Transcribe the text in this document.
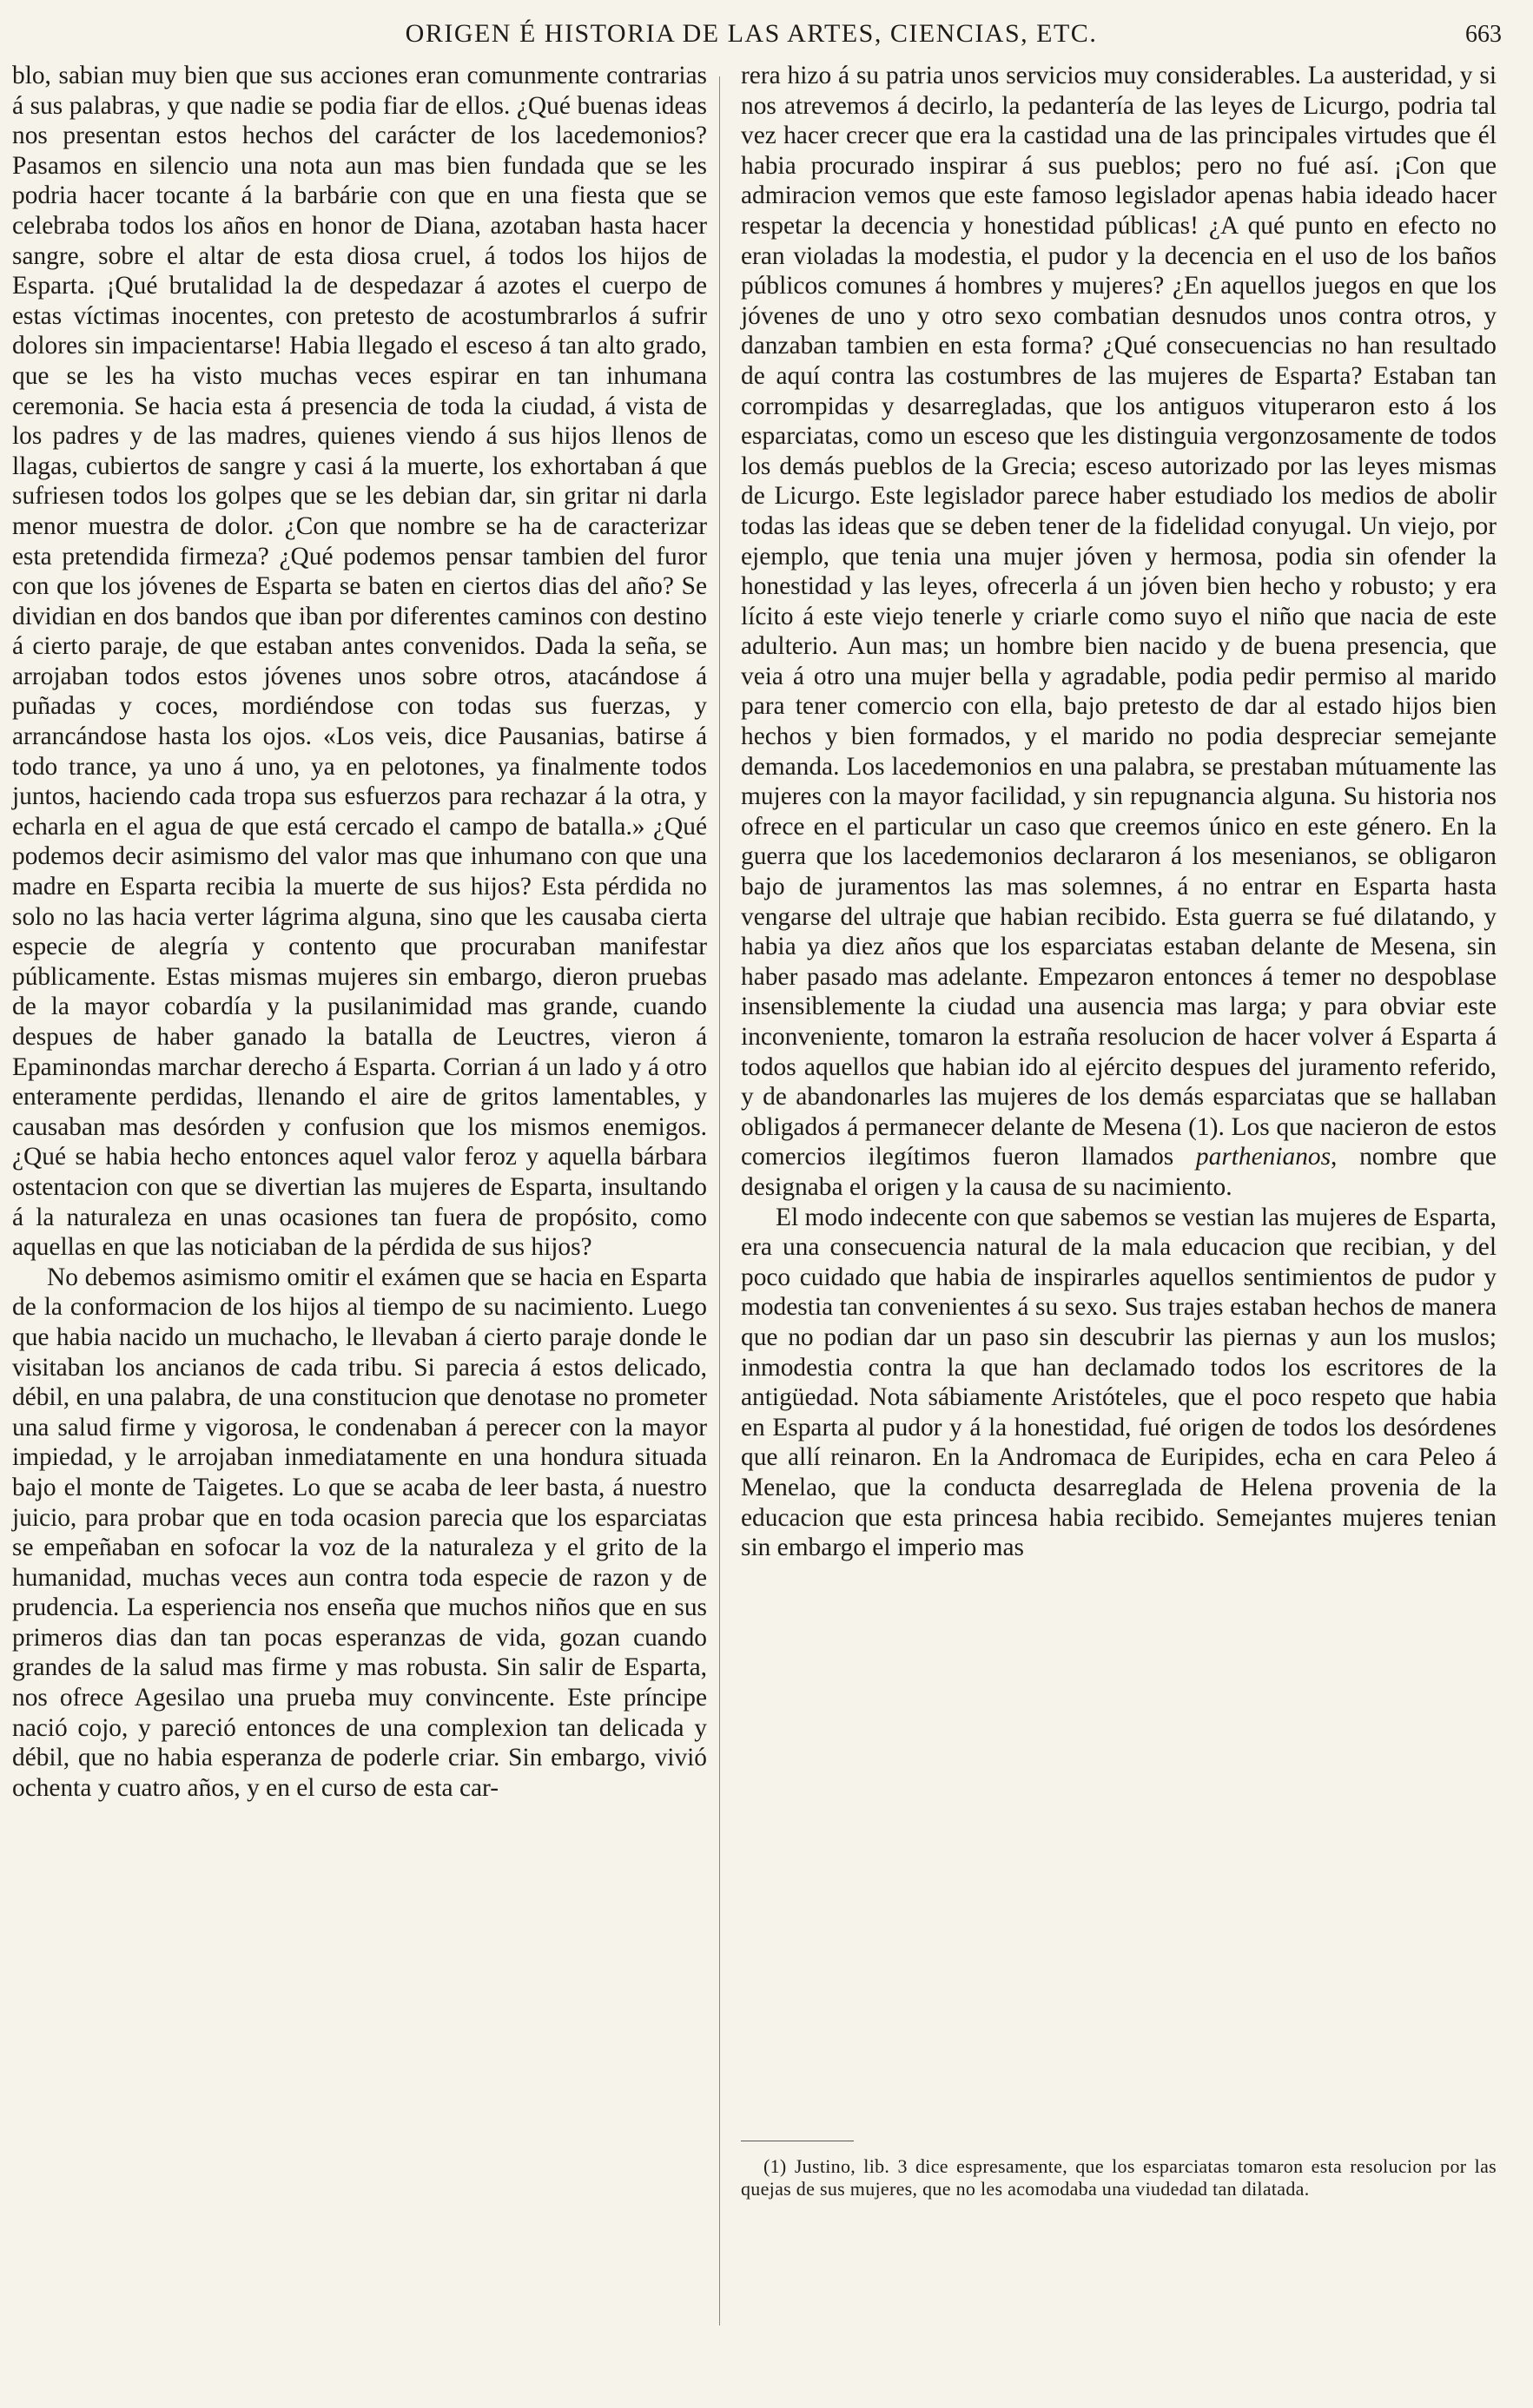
ORIGEN É HISTORIA DE LAS ARTES, CIENCIAS, ETC.	663

blo, sabian muy bien que sus acciones eran comunmente contrarias á sus palabras, y que nadie se podia fiar de ellos. ¿Qué buenas ideas nos presentan estos hechos del carácter de los lacedemonios? Pasamos en silencio una nota aun mas bien fundada que se les podria hacer tocante á la barbárie con que en una fiesta que se celebraba todos los años en honor de Diana, azotaban hasta hacer sangre, sobre el altar de esta diosa cruel, á todos los hijos de Esparta. ¡Qué brutalidad la de despedazar á azotes el cuerpo de estas víctimas inocentes, con pretesto de acostumbrarlos á sufrir dolores sin impacientarse! Habia llegado el esceso á tan alto grado, que se les ha visto muchas veces espirar en tan inhumana ceremonia. Se hacia esta á presencia de toda la ciudad, á vista de los padres y de las madres, quienes viendo á sus hijos llenos de llagas, cubiertos de sangre y casi á la muerte, los exhortaban á que sufriesen todos los golpes que se les debian dar, sin gritar ni darla menor muestra de dolor. ¿Con que nombre se ha de caracterizar esta pretendida firmeza? ¿Qué podemos pensar tambien del furor con que los jóvenes de Esparta se baten en ciertos dias del año? Se dividian en dos bandos que iban por diferentes caminos con destino á cierto paraje, de que estaban antes convenidos. Dada la seña, se arrojaban todos estos jóvenes unos sobre otros, atacándose á puñadas y coces, mordiéndose con todas sus fuerzas, y arrancándose hasta los ojos. «Los veis, dice Pausanias, batirse á todo trance, ya uno á uno, ya en pelotones, ya finalmente todos juntos, haciendo cada tropa sus esfuerzos para rechazar á la otra, y echarla en el agua de que está cercado el campo de batalla.» ¿Qué podemos decir asimismo del valor mas que inhumano con que una madre en Esparta recibia la muerte de sus hijos? Esta pérdida no solo no las hacia verter lágrima alguna, sino que les causaba cierta especie de alegría y contento que procuraban manifestar públicamente. Estas mismas mujeres sin embargo, dieron pruebas de la mayor cobardía y la pusilanimidad mas grande, cuando despues de haber ganado la batalla de Leuctres, vieron á Epaminondas marchar derecho á Esparta. Corrian á un lado y á otro enteramente perdidas, llenando el aire de gritos lamentables, y causaban mas desórden y confusion que los mismos enemigos. ¿Qué se habia hecho entonces aquel valor feroz y aquella bárbara ostentacion con que se divertian las mujeres de Esparta, insultando á la naturaleza en unas ocasiones tan fuera de propósito, como aquellas en que las noticiaban de la pérdida de sus hijos?

No debemos asimismo omitir el exámen que se hacia en Esparta de la conformacion de los hijos al tiempo de su nacimiento. Luego que habia nacido un muchacho, le llevaban á cierto paraje donde le visitaban los ancianos de cada tribu. Si parecia á estos delicado, débil, en una palabra, de una constitucion que denotase no prometer una salud firme y vigorosa, le condenaban á perecer con la mayor impiedad, y le arrojaban inmediatamente en una hondura situada bajo el monte de Taigetes. Lo que se acaba de leer basta, á nuestro juicio, para probar que en toda ocasion parecia que los esparciatas se empeñaban en sofocar la voz de la naturaleza y el grito de la humanidad, muchas veces aun contra toda especie de razon y de prudencia. La esperiencia nos enseña que muchos niños que en sus primeros dias dan tan pocas esperanzas de vida, gozan cuando grandes de la salud mas firme y mas robusta. Sin salir de Esparta, nos ofrece Agesilao una prueba muy convincente. Este príncipe nació cojo, y pareció entonces de una complexion tan delicada y débil, que no habia esperanza de poderle criar. Sin embargo, vivió ochenta y cuatro años, y en el curso de esta car-

rera hizo á su patria unos servicios muy considerables. La austeridad, y si nos atrevemos á decirlo, la pedantería de las leyes de Licurgo, podria tal vez hacer crecer que era la castidad una de las principales virtudes que él habia procurado inspirar á sus pueblos; pero no fué así. ¡Con que admiracion vemos que este famoso legislador apenas habia ideado hacer respetar la decencia y honestidad públicas! ¿A qué punto en efecto no eran violadas la modestia, el pudor y la decencia en el uso de los baños públicos comunes á hombres y mujeres? ¿En aquellos juegos en que los jóvenes de uno y otro sexo combatian desnudos unos contra otros, y danzaban tambien en esta forma? ¿Qué consecuencias no han resultado de aquí contra las costumbres de las mujeres de Esparta? Estaban tan corrompidas y desarregladas, que los antiguos vituperaron esto á los esparciatas, como un esceso que les distinguia vergonzosamente de todos los demás pueblos de la Grecia; esceso autorizado por las leyes mismas de Licurgo. Este legislador parece haber estudiado los medios de abolir todas las ideas que se deben tener de la fidelidad conyugal. Un viejo, por ejemplo, que tenia una mujer jóven y hermosa, podia sin ofender la honestidad y las leyes, ofrecerla á un jóven bien hecho y robusto; y era lícito á este viejo tenerle y criarle como suyo el niño que nacia de este adulterio. Aun mas; un hombre bien nacido y de buena presencia, que veia á otro una mujer bella y agradable, podia pedir permiso al marido para tener comercio con ella, bajo pretesto de dar al estado hijos bien hechos y bien formados, y el marido no podia despreciar semejante demanda. Los lacedemonios en una palabra, se prestaban mútuamente las mujeres con la mayor facilidad, y sin repugnancia alguna. Su historia nos ofrece en el particular un caso que creemos único en este género. En la guerra que los lacedemonios declararon á los mesenianos, se obligaron bajo de juramentos las mas solemnes, á no entrar en Esparta hasta vengarse del ultraje que habian recibido. Esta guerra se fué dilatando, y habia ya diez años que los esparciatas estaban delante de Mesena, sin haber pasado mas adelante. Empezaron entonces á temer no despoblase insensiblemente la ciudad una ausencia mas larga; y para obviar este inconveniente, tomaron la estraña resolucion de hacer volver á Esparta á todos aquellos que habian ido al ejército despues del juramento referido, y de abandonarles las mujeres de los demás esparciatas que se hallaban obligados á permanecer delante de Mesena (1). Los que nacieron de estos comercios ilegítimos fueron llamados parthenianos, nombre que designaba el origen y la causa de su nacimiento.

El modo indecente con que sabemos se vestian las mujeres de Esparta, era una consecuencia natural de la mala educacion que recibian, y del poco cuidado que habia de inspirarles aquellos sentimientos de pudor y modestia tan convenientes á su sexo. Sus trajes estaban hechos de manera que no podian dar un paso sin descubrir las piernas y aun los muslos; inmodestia contra la que han declamado todos los escritores de la antigüedad. Nota sábiamente Aristóteles, que el poco respeto que habia en Esparta al pudor y á la honestidad, fué origen de todos los desórdenes que allí reinaron. En la Andromaca de Euripides, echa en cara Peleo á Menelao, que la conducta desarreglada de Helena provenia de la educacion que esta princesa habia recibido. Semejantes mujeres tenian sin embargo el imperio mas

(1) Justino, lib. 3 dice espresamente, que los esparciatas tomaron esta resolucion por las quejas de sus mujeres, que no les acomodaba una viudedad tan dilatada.
